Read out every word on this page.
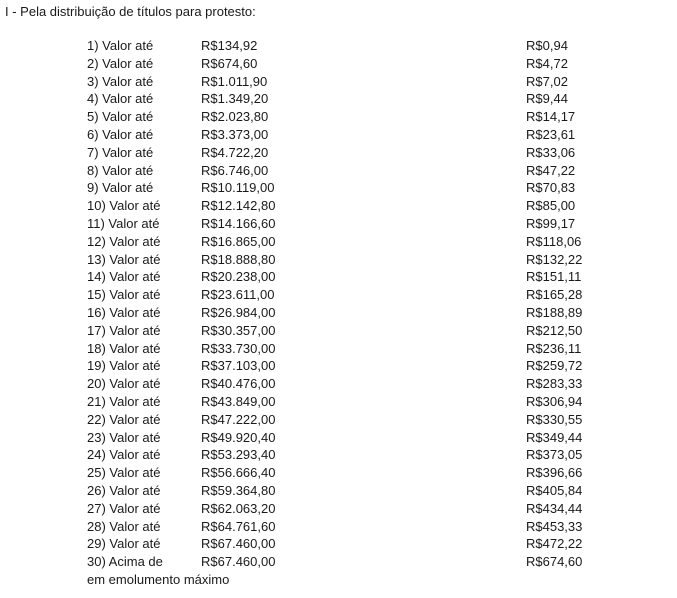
I - Pela distribuição de títulos para protesto:
1) Valor até	R$134,92	R$0,94
2) Valor até	R$674,60	R$4,72
3) Valor até	R$1.011,90	R$7,02
4) Valor até	R$1.349,20	R$9,44
5) Valor até	R$2.023,80	R$14,17
6) Valor até	R$3.373,00	R$23,61
7) Valor até	R$4.722,20	R$33,06
8) Valor até	R$6.746,00	R$47,22
9) Valor até	R$10.119,00	R$70,83
10) Valor até	R$12.142,80	R$85,00
11) Valor até	R$14.166,60	R$99,17
12) Valor até	R$16.865,00	R$118,06
13) Valor até	R$18.888,80	R$132,22
14) Valor até	R$20.238,00	R$151,11
15) Valor até	R$23.611,00	R$165,28
16) Valor até	R$26.984,00	R$188,89
17) Valor até	R$30.357,00	R$212,50
18) Valor até	R$33.730,00	R$236,11
19) Valor até	R$37.103,00	R$259,72
20) Valor até	R$40.476,00	R$283,33
21) Valor até	R$43.849,00	R$306,94
22) Valor até	R$47.222,00	R$330,55
23) Valor até	R$49.920,40	R$349,44
24) Valor até	R$53.293,40	R$373,05
25) Valor até	R$56.666,40	R$396,66
26) Valor até	R$59.364,80	R$405,84
27) Valor até	R$62.063,20	R$434,44
28) Valor até	R$64.761,60	R$453,33
29) Valor até	R$67.460,00	R$472,22
30) Acima de	R$67.460,00	R$674,60
em emolumento máximo
